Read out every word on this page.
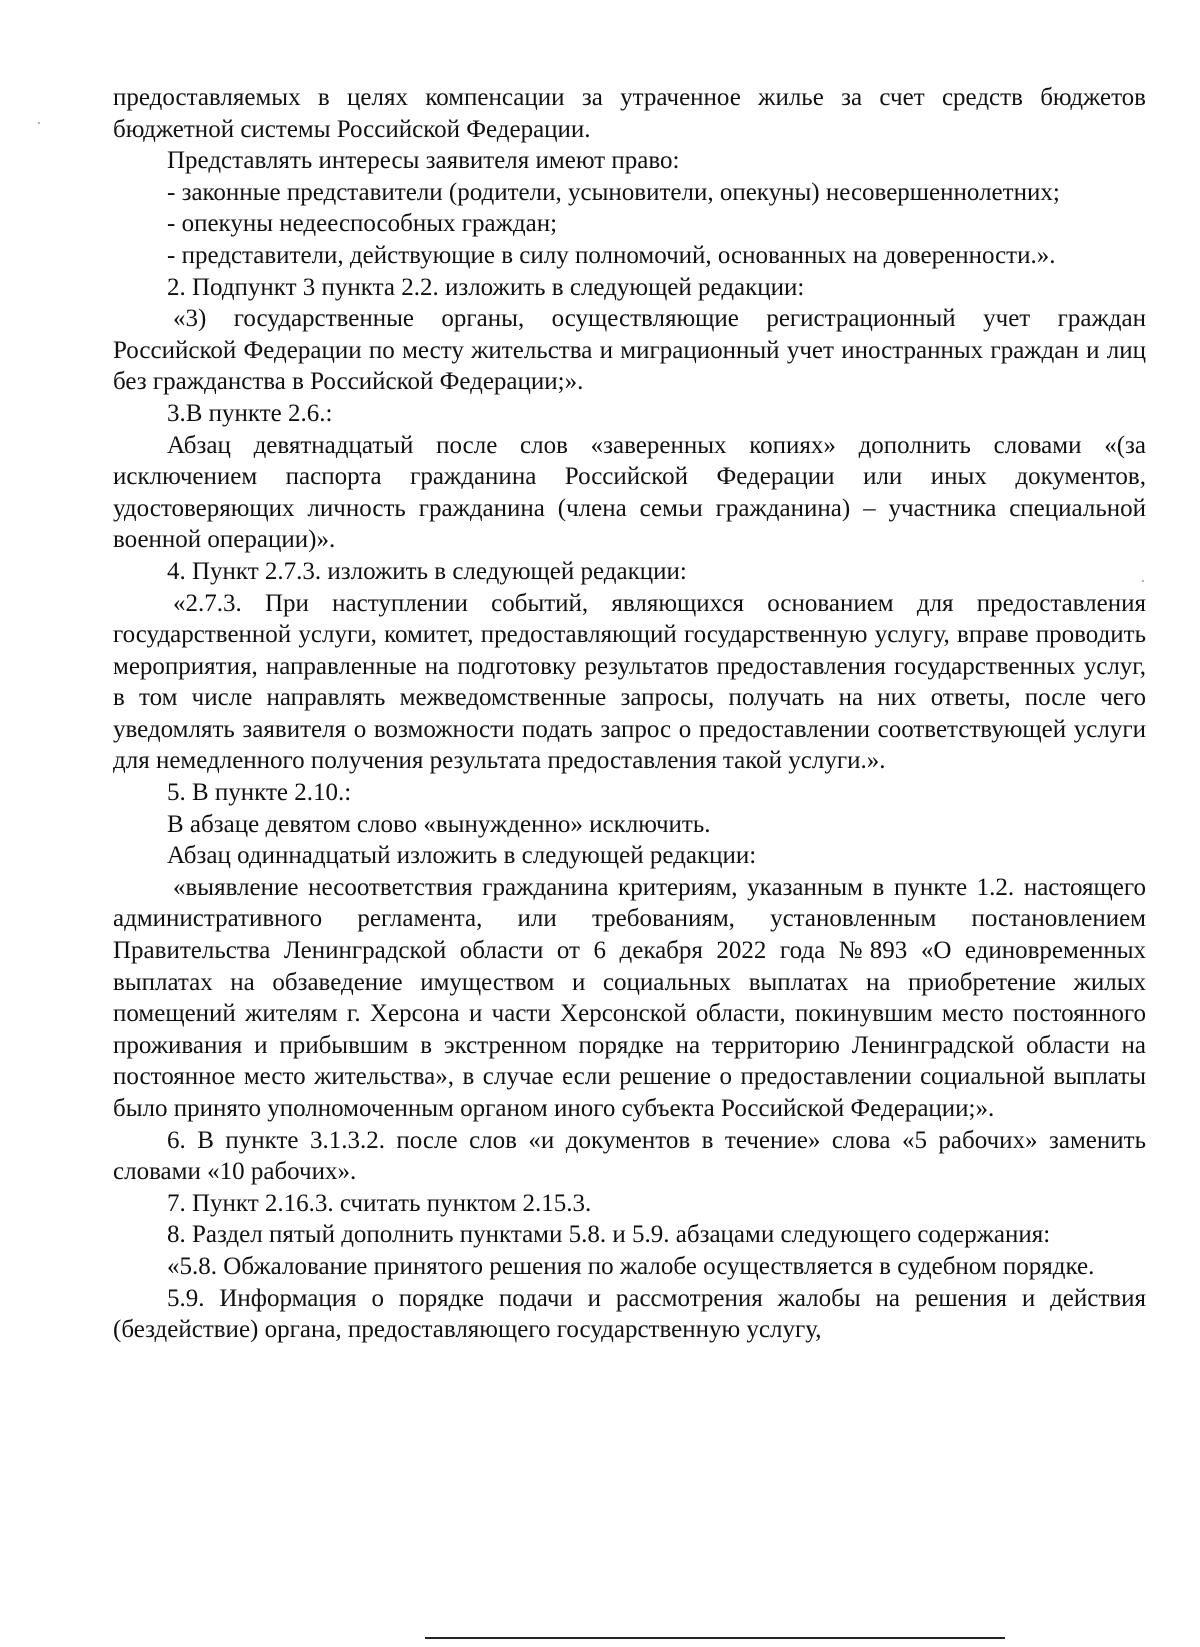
предоставляемых в целях компенсации за утраченное жилье за счет средств бюджетов бюджетной системы Российской Федерации.

Представлять интересы заявителя имеют право:

- законные представители (родители, усыновители, опекуны) несовершеннолетних;

- опекуны недееспособных граждан;

- представители, действующие в силу полномочий, основанных на доверенности.».

2. Подпункт 3 пункта 2.2. изложить в следующей редакции:

«3) государственные органы, осуществляющие регистрационный учет граждан Российской Федерации по месту жительства и миграционный учет иностранных граждан и лиц без гражданства в Российской Федерации;».

3.В пункте 2.6.:

Абзац девятнадцатый после слов «заверенных копиях» дополнить словами «(за исключением паспорта гражданина Российской Федерации или иных документов, удостоверяющих личность гражданина (члена семьи гражданина) – участника специальной военной операции)».

4. Пункт 2.7.3. изложить в следующей редакции:

«2.7.3. При наступлении событий, являющихся основанием для предоставления государственной услуги, комитет, предоставляющий государственную услугу, вправе проводить мероприятия, направленные на подготовку результатов предоставления государственных услуг, в том числе направлять межведомственные запросы, получать на них ответы, после чего уведомлять заявителя о возможности подать запрос о предоставлении соответствующей услуги для немедленного получения результата предоставления такой услуги.».

5. В пункте 2.10.:

В абзаце девятом слово «вынужденно» исключить.

Абзац одиннадцатый изложить в следующей редакции:

«выявление несоответствия гражданина критериям, указанным в пункте 1.2. настоящего административного регламента, или требованиям, установленным постановлением Правительства Ленинградской области от 6 декабря 2022 года №893 «О единовременных выплатах на обзаведение имуществом и социальных выплатах на приобретение жилых помещений жителям г. Херсона и части Херсонской области, покинувшим место постоянного проживания и прибывшим в экстренном порядке на территорию Ленинградской области на постоянное место жительства», в случае если решение о предоставлении социальной выплаты было принято уполномоченным органом иного субъекта Российской Федерации;».

6. В пункте 3.1.3.2. после слов «и документов в течение» слова «5 рабочих» заменить словами «10 рабочих».

7. Пункт 2.16.3. считать пунктом 2.15.3.

8. Раздел пятый дополнить пунктами 5.8. и 5.9. абзацами следующего содержания:

«5.8. Обжалование принятого решения по жалобе осуществляется в судебном порядке.

5.9. Информация о порядке подачи и рассмотрения жалобы на решения и действия (бездействие) органа, предоставляющего государственную услугу,
